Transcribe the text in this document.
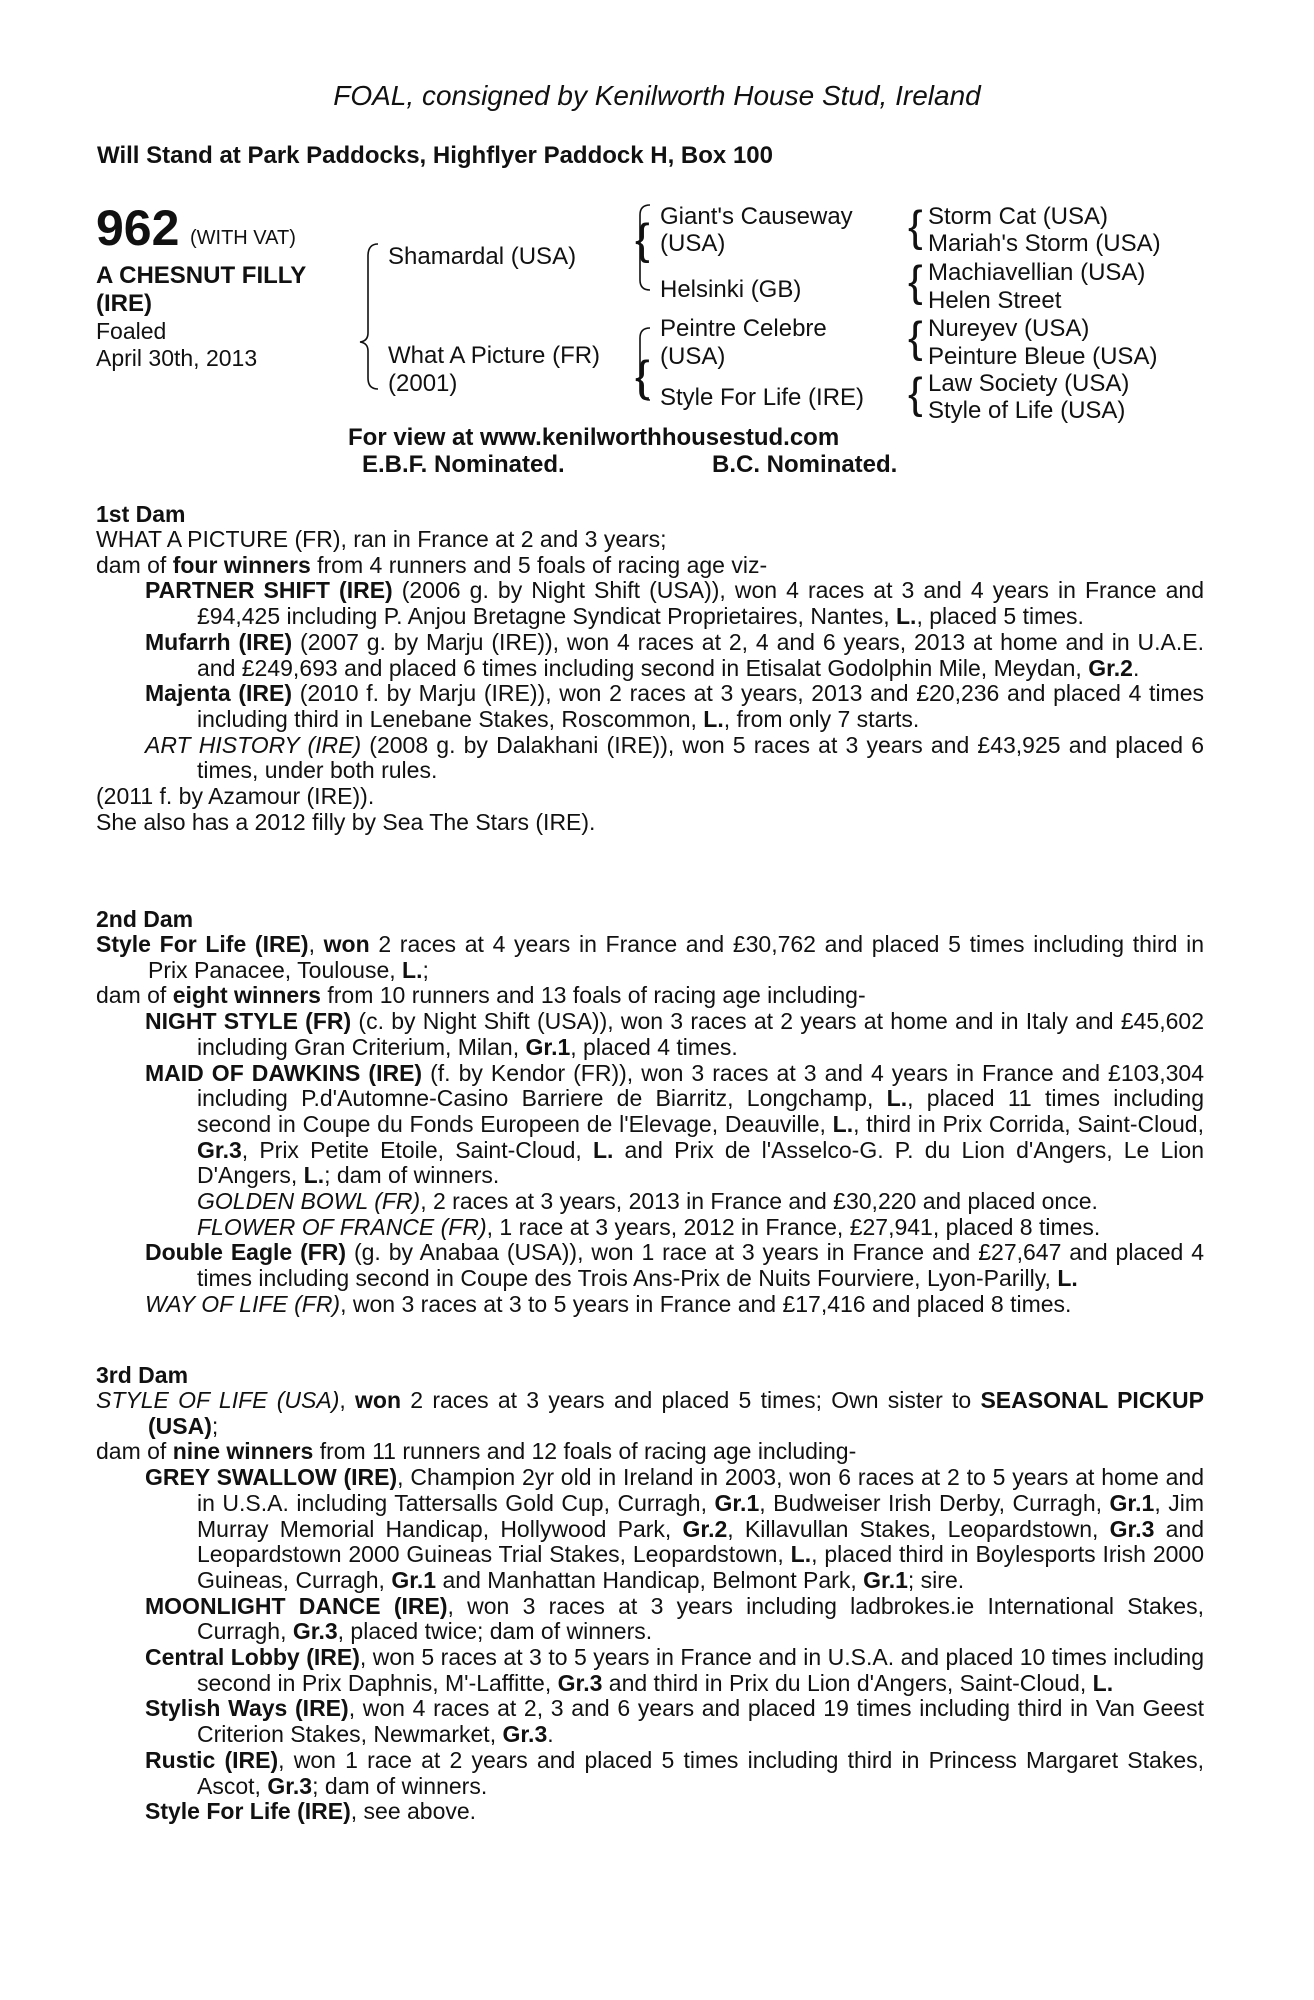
FOAL, consigned by Kenilworth House Stud, Ireland
Will Stand at Park Paddocks, Highflyer Paddock H, Box 100
962 (WITH VAT)
A CHESNUT FILLY
(IRE)
Foaled
April 30th, 2013
Shamardal (USA)
What A Picture (FR)
(2001)
{ Giant's Causeway
(USA)
Helsinki (GB)
{
Peintre Celebre
(USA)
Style For Life (IRE)
{ Storm Cat (USA)
Mariah's Storm (USA)
{ Machiavellian (USA)
Helen Street
{ Nureyev (USA)
Peinture Bleue (USA)
{ Law Society (USA)
Style of Life (USA)
For view at www.kenilworthhousestud.com
E.B.F. Nominated.	B.C. Nominated.
1st Dam

WHAT A PICTURE (FR), ran in France at 2 and 3 years;

dam of four winners from 4 runners and 5 foals of racing age viz-

PARTNER SHIFT (IRE) (2006 g. by Night Shift (USA)), won 4 races at 3 and 4 years in France and £94,425 including P. Anjou Bretagne Syndicat Proprietaires, Nantes, L., placed 5 times.

Mufarrh (IRE) (2007 g. by Marju (IRE)), won 4 races at 2, 4 and 6 years, 2013 at home and in U.A.E. and £249,693 and placed 6 times including second in Etisalat Godolphin Mile, Meydan, Gr.2.

Majenta (IRE) (2010 f. by Marju (IRE)), won 2 races at 3 years, 2013 and £20,236 and placed 4 times including third in Lenebane Stakes, Roscommon, L., from only 7 starts.

ART HISTORY (IRE) (2008 g. by Dalakhani (IRE)), won 5 races at 3 years and £43,925 and placed 6 times, under both rules.

(2011 f. by Azamour (IRE)).

She also has a 2012 filly by Sea The Stars (IRE).

2nd Dam

Style For Life (IRE), won 2 races at 4 years in France and £30,762 and placed 5 times including third in Prix Panacee, Toulouse, L.;

dam of eight winners from 10 runners and 13 foals of racing age including-

NIGHT STYLE (FR) (c. by Night Shift (USA)), won 3 races at 2 years at home and in Italy and £45,602 including Gran Criterium, Milan, Gr.1, placed 4 times.

MAID OF DAWKINS (IRE) (f. by Kendor (FR)), won 3 races at 3 and 4 years in France and £103,304 including P.d'Automne-Casino Barriere de Biarritz, Longchamp, L., placed 11 times including second in Coupe du Fonds Europeen de l'Elevage, Deauville, L., third in Prix Corrida, Saint-Cloud, Gr.3, Prix Petite Etoile, Saint-Cloud, L. and Prix de l'Asselco-G. P. du Lion d'Angers, Le Lion D'Angers, L.; dam of winners.

GOLDEN BOWL (FR), 2 races at 3 years, 2013 in France and £30,220 and placed once.

FLOWER OF FRANCE (FR), 1 race at 3 years, 2012 in France, £27,941, placed 8 times.

Double Eagle (FR) (g. by Anabaa (USA)), won 1 race at 3 years in France and £27,647 and placed 4 times including second in Coupe des Trois Ans-Prix de Nuits Fourviere, Lyon-Parilly, L.

WAY OF LIFE (FR), won 3 races at 3 to 5 years in France and £17,416 and placed 8 times.

3rd Dam

STYLE OF LIFE (USA), won 2 races at 3 years and placed 5 times; Own sister to SEASONAL PICKUP (USA);

dam of nine winners from 11 runners and 12 foals of racing age including-

GREY SWALLOW (IRE), Champion 2yr old in Ireland in 2003, won 6 races at 2 to 5 years at home and in U.S.A. including Tattersalls Gold Cup, Curragh, Gr.1, Budweiser Irish Derby, Curragh, Gr.1, Jim Murray Memorial Handicap, Hollywood Park, Gr.2, Killavullan Stakes, Leopardstown, Gr.3 and Leopardstown 2000 Guineas Trial Stakes, Leopardstown, L., placed third in Boylesports Irish 2000 Guineas, Curragh, Gr.1 and Manhattan Handicap, Belmont Park, Gr.1; sire.

MOONLIGHT DANCE (IRE), won 3 races at 3 years including ladbrokes.ie International Stakes, Curragh, Gr.3, placed twice; dam of winners.

Central Lobby (IRE), won 5 races at 3 to 5 years in France and in U.S.A. and placed 10 times including second in Prix Daphnis, M'-Laffitte, Gr.3 and third in Prix du Lion d'Angers, Saint-Cloud, L.

Stylish Ways (IRE), won 4 races at 2, 3 and 6 years and placed 19 times including third in Van Geest Criterion Stakes, Newmarket, Gr.3.

Rustic (IRE), won 1 race at 2 years and placed 5 times including third in Princess Margaret Stakes, Ascot, Gr.3; dam of winners.

Style For Life (IRE), see above.
